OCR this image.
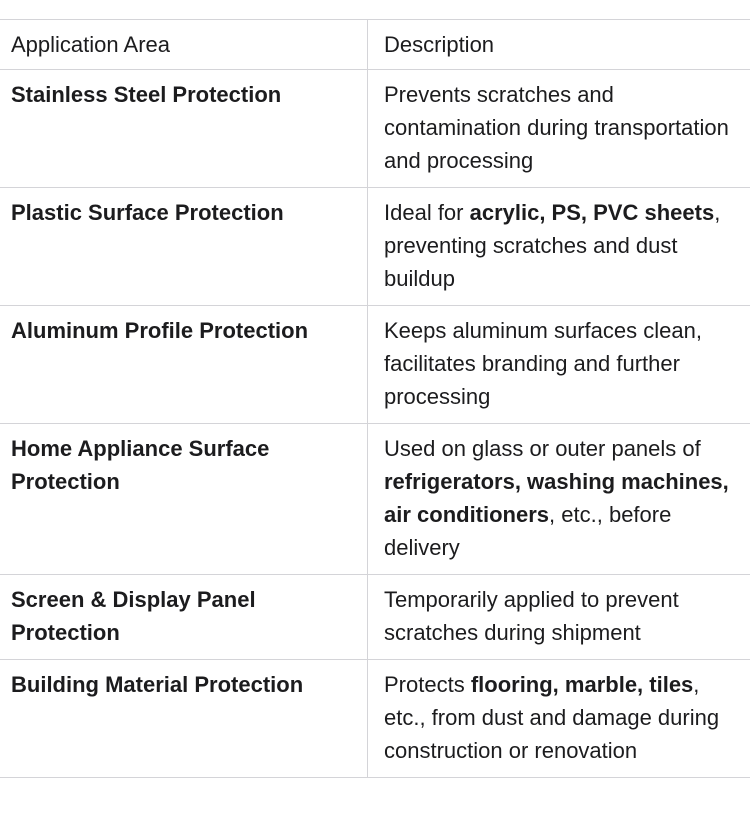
Application Area	Description
Stainless Steel Protection	Prevents scratches and contamination during transportation and processing
Plastic Surface Protection	Ideal for acrylic, PS, PVC sheets, preventing scratches and dust buildup
Aluminum Profile Protection	Keeps aluminum surfaces clean, facilitates branding and further processing
Home Appliance Surface Protection	Used on glass or outer panels of refrigerators, washing machines, air conditioners, etc., before delivery
Screen & Display Panel Protection	Temporarily applied to prevent scratches during shipment
Building Material Protection	Protects flooring, marble, tiles, etc., from dust and damage during construction or renovation
